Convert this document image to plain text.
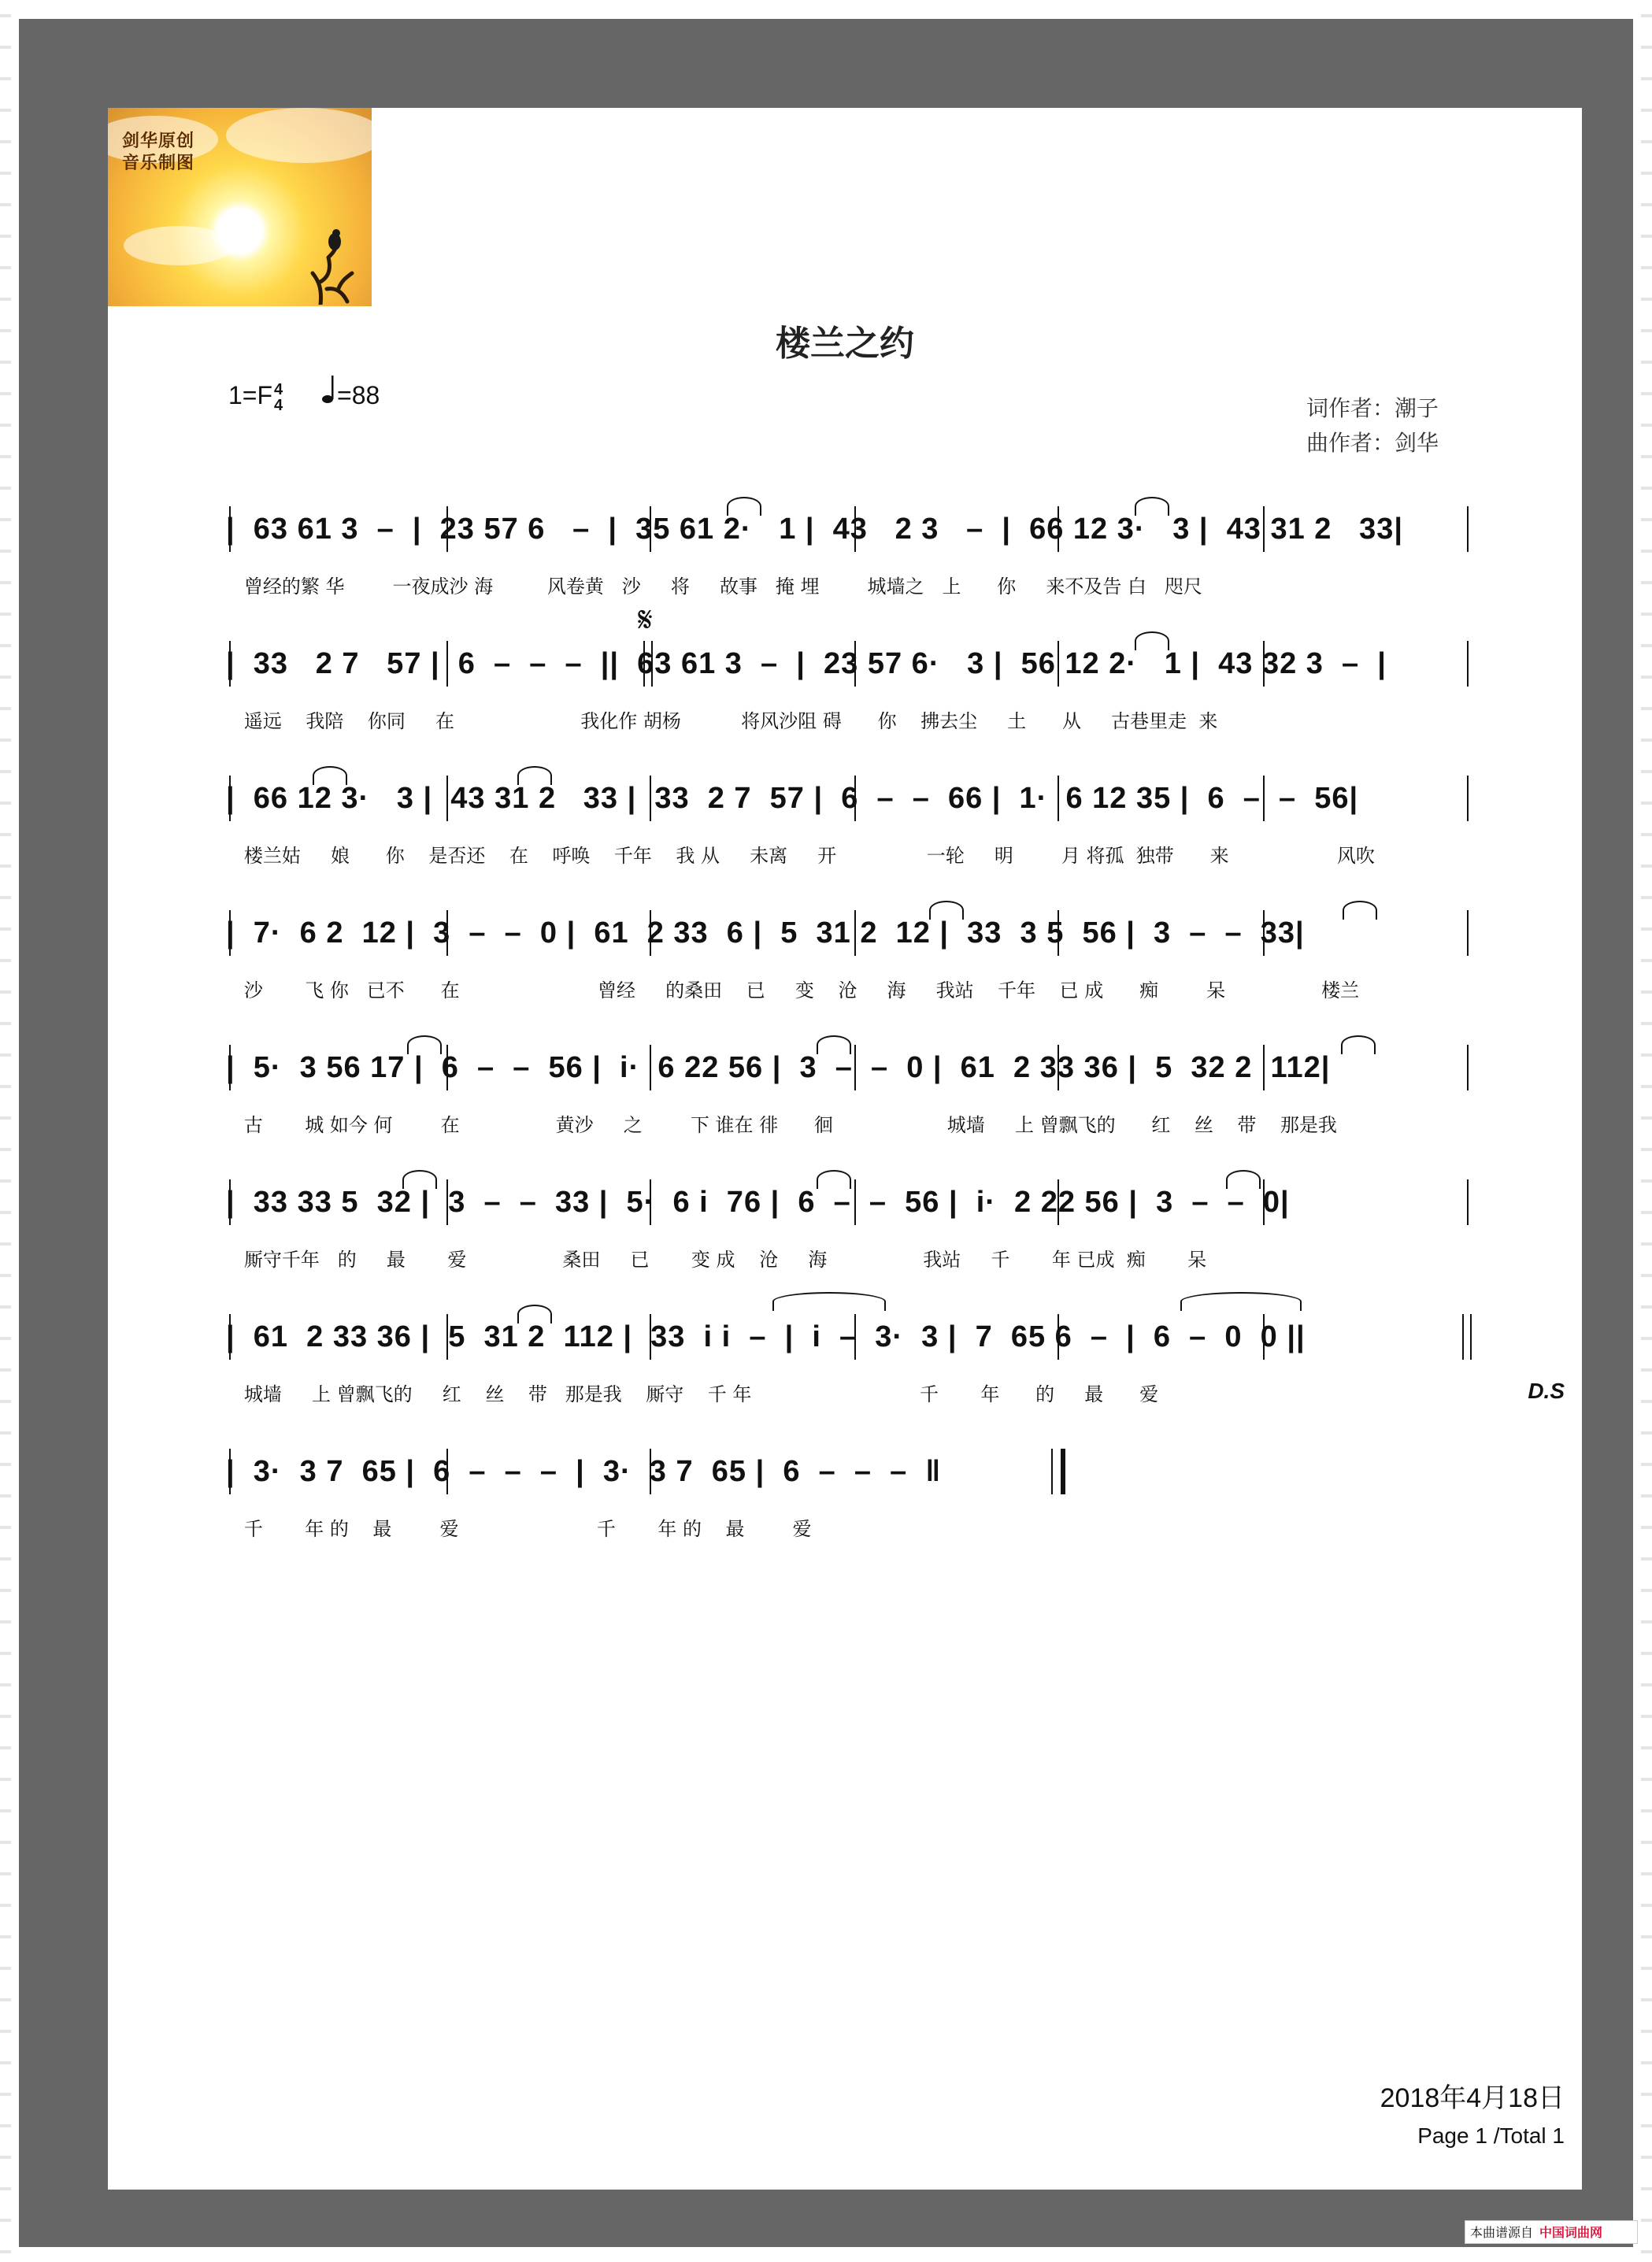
剑华原创
音乐制图
楼兰之约
1=F 4
4 =88	词作者：潮子
曲作者：剑华
|  63 61 3  –  |  23 57 6   –  |  35 61 2·   1 |  43   2 3   –  |  66 12 3·   3 |  43 31 2   33|
曾经的繁 华        一夜成沙 海         风卷黄   沙     将     故事   掩 埋        城墙之   上      你     来不及告 白   咫尺
𝄋
|  33   2 7   57 |  6  –  –  –  ||  63 61 3  –  |  23 57 6·   3 |  56 12 2·   1 |  43 32 3  –  |
遥远    我陪    你同     在                     我化作 胡杨          将风沙阻 碍      你    拂去尘     土      从     古巷里走  来
|  66 12 3·   3 |  43 31 2   33 |  33  2 7  57 |  6  –  –  66 |  1·  6 12 35 |  6  –  –  56|
楼兰姑     娘      你    是否还    在    呼唤    千年    我 从     未离     开               一轮     明        月 将孤  独带      来                  风吹
|  7·  6 2  12 |  3  –  –  0 |  61  2 33  6 |  5  31 2  12 |  33  3 5  56 |  3  –  –  33|
沙       飞 你   已不      在                       曾经     的桑田    已     变    沧     海     我站    千年    已 成      痴        呆                楼兰
|  5·  3 56 17 |  6  –  –  56 |  i·  6 22 56 |  3  –  –  0 |  61  2 33 36 |  5  32 2  112|
古       城 如今 何        在                黄沙     之        下 谁在 徘      徊                   城墙     上 曾飘飞的      红    丝    带    那是我
|  33 33 5  32 |  3  –  –  33 |  5·  6 i  76 |  6  –  –  56 |  i·  2 22 56 |  3  –  –  0|
厮守千年   的     最       爱                桑田     已       变 成    沧     海                我站     千       年 已成  痴       呆
|  61  2 33 36 |  5  31 2  112 |  33  i i  –  |  i  –  3·  3 |  7  65 6  –  |  6  –  0  0 ||
城墙     上 曾飘飞的     红    丝    带   那是我    厮守    千 年                            千       年      的     最      爱	D.S
|  3·  3 7  65 |  6  –  –  –  |  3·  3 7  65 |  6  –  –  –  ‖
千       年 的    最        爱                       千       年 的    最        爱
2018年4月18日
Page 1 /Total 1
本曲谱源自 中国词曲网
